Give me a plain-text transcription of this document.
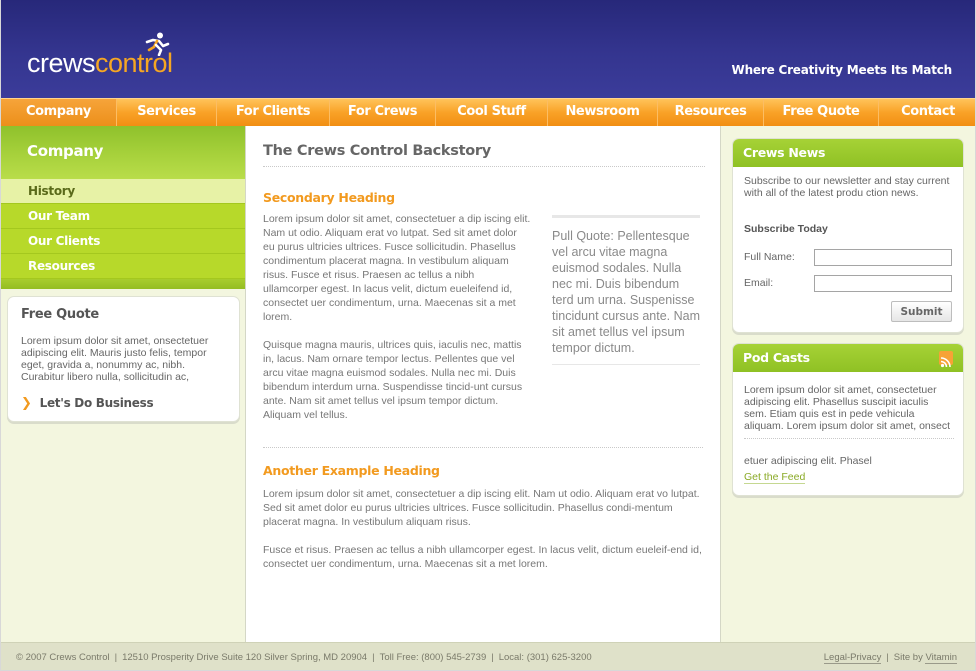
crewscontrol	Where Creativity Meets Its Match
Company	Services	For Clients	For Crews	Cool Stuff	Newsroom	Resources	Free Quote	Contact
Company
History
Our Team
Our Clients
Resources
Free Quote
Lorem ipsum dolor sit amet, onsectetuer adipiscing elit. Mauris justo felis, tempor eget, gravida a, nonummy ac, nibh. Curabitur libero nulla, sollicitudin ac,
❯ Let's Do Business
The Crews Control Backstory
Secondary Heading
Lorem ipsum dolor sit amet, consectetuer a dip iscing elit. Nam ut odio. Aliquam erat vo lutpat. Sed sit amet dolor eu purus ultricies ultrices. Fusce sollicitudin. Phasellus condimentum placerat magna. In vestibulum aliquam risus. Fusce et risus. Praesen ac tellus a nibh ullamcorper egest. In lacus velit, dictum eueleifend id, consectet uer condimentum, urna. Maecenas sit a met lorem.
Quisque magna mauris, ultrices quis, iaculis nec, mattis in, lacus. Nam ornare tempor lectus. Pellentes que vel arcu vitae magna euismod sodales. Nulla nec mi. Duis bibendum interdum urna. Suspendisse tincid-unt cursus ante. Nam sit amet tellus vel ipsum tempor dictum. Aliquam vel tellus.
Pull Quote: Pellentesque vel arcu vitae magna euismod sodales. Nulla nec mi. Duis bibendum terd um urna. Suspenisse tincidunt cursus ante. Nam sit amet tellus vel ipsum tempor dictum.
Another Example Heading
Lorem ipsum dolor sit amet, consectetuer a dip iscing elit. Nam ut odio. Aliquam erat vo lutpat. Sed sit amet dolor eu purus ultricies ultrices. Fusce sollicitudin. Phasellus condi-mentum placerat magna. In vestibulum aliquam risus.
Fusce et risus. Praesen ac tellus a nibh ullamcorper egest. In lacus velit, dictum eueleif-end id, consectet uer condimentum, urna. Maecenas sit a met lorem.
Crews News
Subscribe to our newsletter and stay current with all of the latest produ ction news.
Subscribe Today
Full Name:
Email:
Submit
Pod Casts
Lorem ipsum dolor sit amet, consectetuer adipiscing elit. Phasellus suscipit iaculis sem. Etiam quis est in pede vehicula aliquam. Lorem ipsum dolor sit amet, onsect
etuer adipiscing elit. Phasel
Get the Feed
© 2007 Crews Control | 12510 Prosperity Drive Suite 120 Silver Spring, MD 20904 | Toll Free: (800) 545-2739 | Local: (301) 625-3200	Legal-Privacy | Site by Vitamin
